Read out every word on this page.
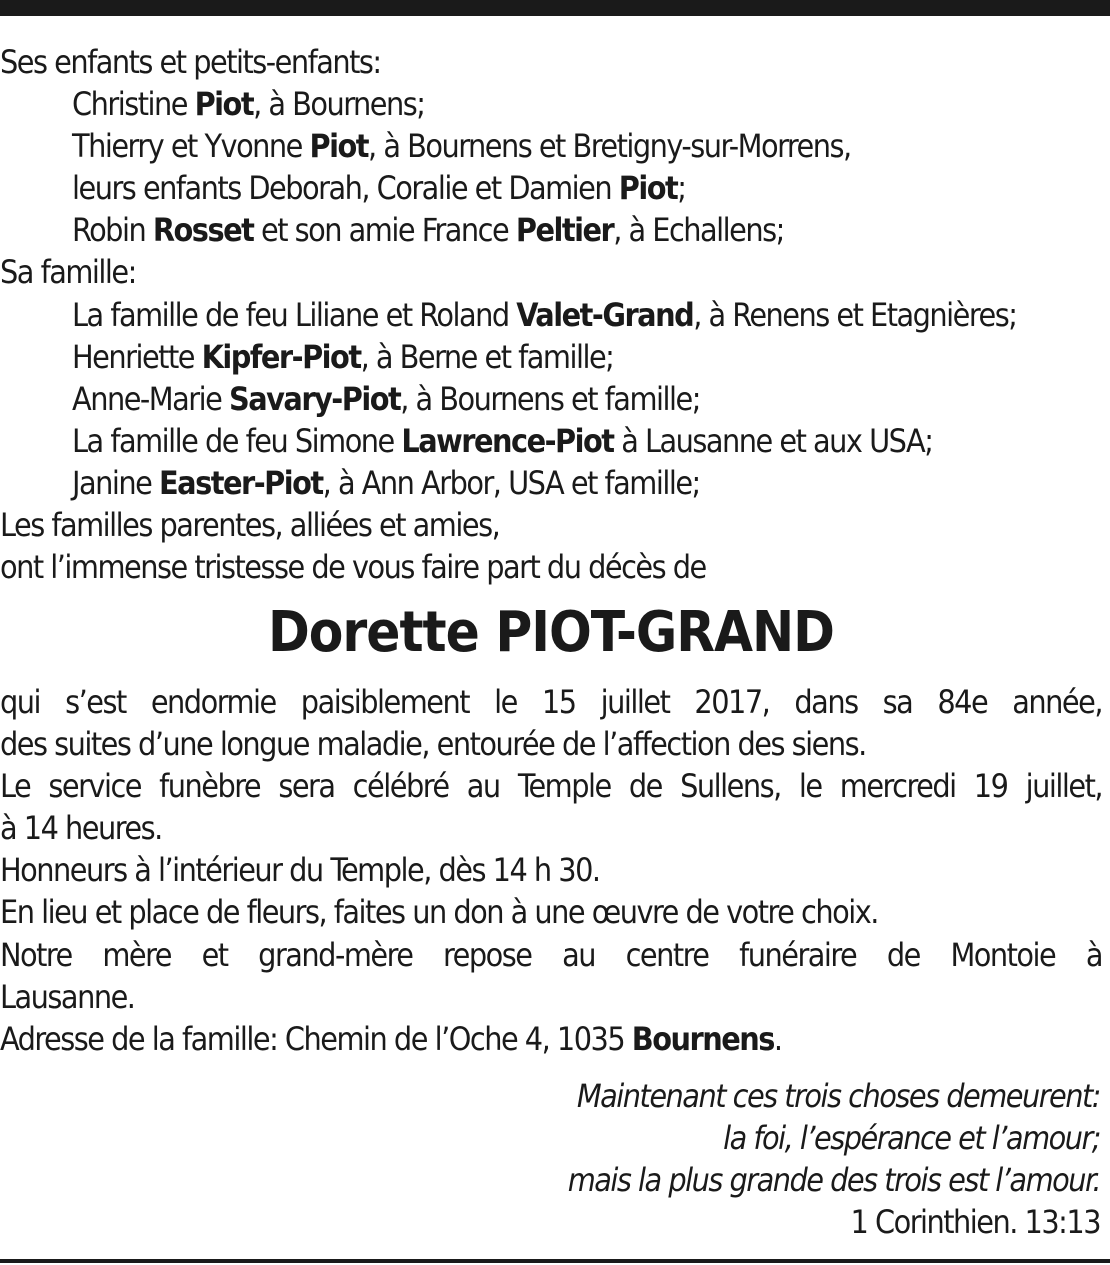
Ses enfants et petits-enfants:
Christine Piot, à Bournens;
Thierry et Yvonne Piot, à Bournens et Bretigny-sur-Morrens,
leurs enfants Deborah, Coralie et Damien Piot;
Robin Rosset et son amie France Peltier, à Echallens;
Sa famille:
La famille de feu Liliane et Roland Valet-Grand, à Renens et Etagnières;
Henriette Kipfer-Piot, à Berne et famille;
Anne-Marie Savary-Piot, à Bournens et famille;
La famille de feu Simone Lawrence-Piot à Lausanne et aux USA;
Janine Easter-Piot, à Ann Arbor, USA et famille;
Les familles parentes, alliées et amies,
ont l’immense tristesse de vous faire part du décès de
Dorette PIOT-GRAND
qui s’est endormie paisiblement le 15 juillet 2017, dans sa 84e année,
des suites d’une longue maladie, entourée de l’affection des siens.
Le service funèbre sera célébré au Temple de Sullens, le mercredi 19 juillet,
à 14 heures.
Honneurs à l’intérieur du Temple, dès 14 h 30.
En lieu et place de fleurs, faites un don à une œuvre de votre choix.
Notre mère et grand-mère repose au centre funéraire de Montoie à
Lausanne.
Adresse de la famille: Chemin de l’Oche 4, 1035 Bournens.
Maintenant ces trois choses demeurent:
la foi, l’espérance et l’amour;
mais la plus grande des trois est l’amour.
1 Corinthien. 13:13
